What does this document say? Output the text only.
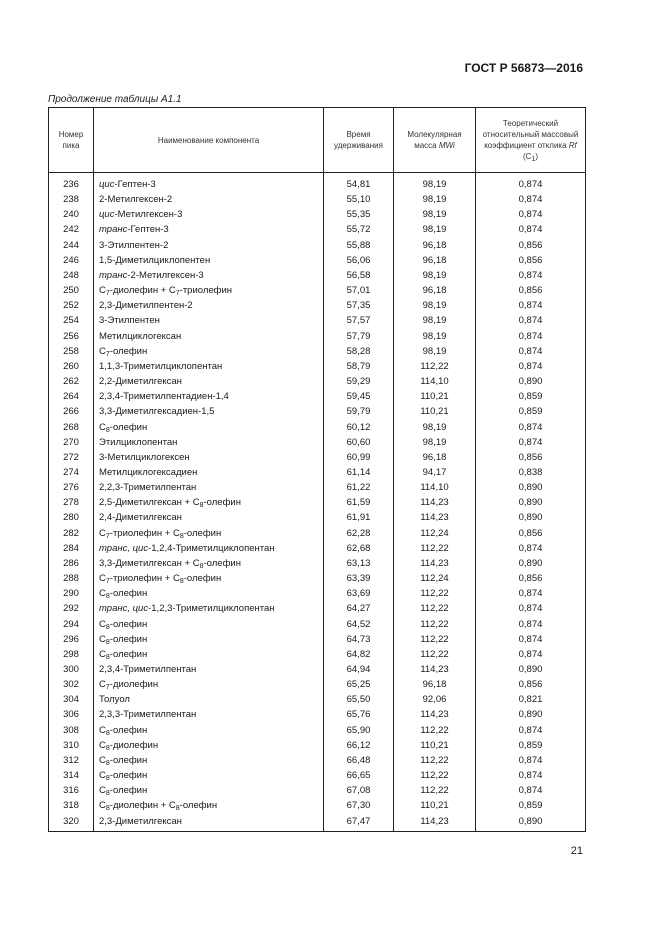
ГОСТ Р 56873—2016
Продолжение таблицы А1.1
Номер пика	Наименование компонента	Время удерживания	Молекулярная масса MWi	Теоретический относительный массовый коэффициент отклика Rf $(C_1)$
236	цис-Гептен-3	54,81	98,19	0,874
238	2-Метилгексен-2	55,10	98,19	0,874
240	цис-Метилгексен-3	55,35	98,19	0,874
242	транс-Гептен-3	55,72	98,19	0,874
244	3-Этилпентен-2	55,88	96,18	0,856
246	1,5-Диметилциклопентен	56,06	96,18	0,856
248	транс-2-Метилгексен-3	56,58	98,19	0,874
250	$C_7$-диолефин + $C_7$-триолефин	57,01	96,18	0,856
252	2,3-Диметилпентен-2	57,35	98,19	0,874
254	3-Этилпентен	57,57	98,19	0,874
256	Метилциклогексан	57,79	98,19	0,874
258	$C_7$-олефин	58,28	98,19	0,874
260	1,1,3-Триметилциклопентан	58,79	112,22	0,874
262	2,2-Диметилгексан	59,29	114,10	0,890
264	2,3,4-Триметилпентадиен-1,4	59,45	110,21	0,859
266	3,3-Диметилгексадиен-1,5	59,79	110,21	0,859
268	$C_8$-олефин	60,12	98,19	0,874
270	Этилциклопентан	60,60	98,19	0,874
272	3-Метилциклогексен	60,99	96,18	0,856
274	Метилциклогексадиен	61,14	94,17	0,838
276	2,2,3-Триметилпентан	61,22	114,10	0,890
278	2,5-Диметилгексан + $C_8$-олефин	61,59	114,23	0,890
280	2,4-Диметилгексан	61,91	114,23	0,890
282	$C_7$-триолефин + $C_8$-олефин	62,28	112,24	0,856
284	транс, цис-1,2,4-Триметилциклопентан	62,68	112,22	0,874
286	3,3-Диметилгексан + $C_8$-олефин	63,13	114,23	0,890
288	$C_7$-триолефин + $C_8$-олефин	63,39	112,24	0,856
290	$C_8$-олефин	63,69	112,22	0,874
292	транс, цис-1,2,3-Триметилциклопентан	64,27	112,22	0,874
294	$C_8$-олефин	64,52	112,22	0,874
296	$C_8$-олефин	64,73	112,22	0,874
298	$C_8$-олефин	64,82	112,22	0,874
300	2,3,4-Триметилпентан	64,94	114,23	0,890
302	$C_7$-диолефин	65,25	96,18	0,856
304	Толуол	65,50	92,06	0,821
306	2,3,3-Триметилпентан	65,76	114,23	0,890
308	$C_8$-олефин	65,90	112,22	0,874
310	$C_8$-диолефин	66,12	110,21	0,859
312	$C_8$-олефин	66,48	112,22	0,874
314	$C_8$-олефин	66,65	112,22	0,874
316	$C_8$-олефин	67,08	112,22	0,874
318	$C_8$-диолефин + $C_8$-олефин	67,30	110,21	0,859
320	2,3-Диметилгексан	67,47	114,23	0,890
21
